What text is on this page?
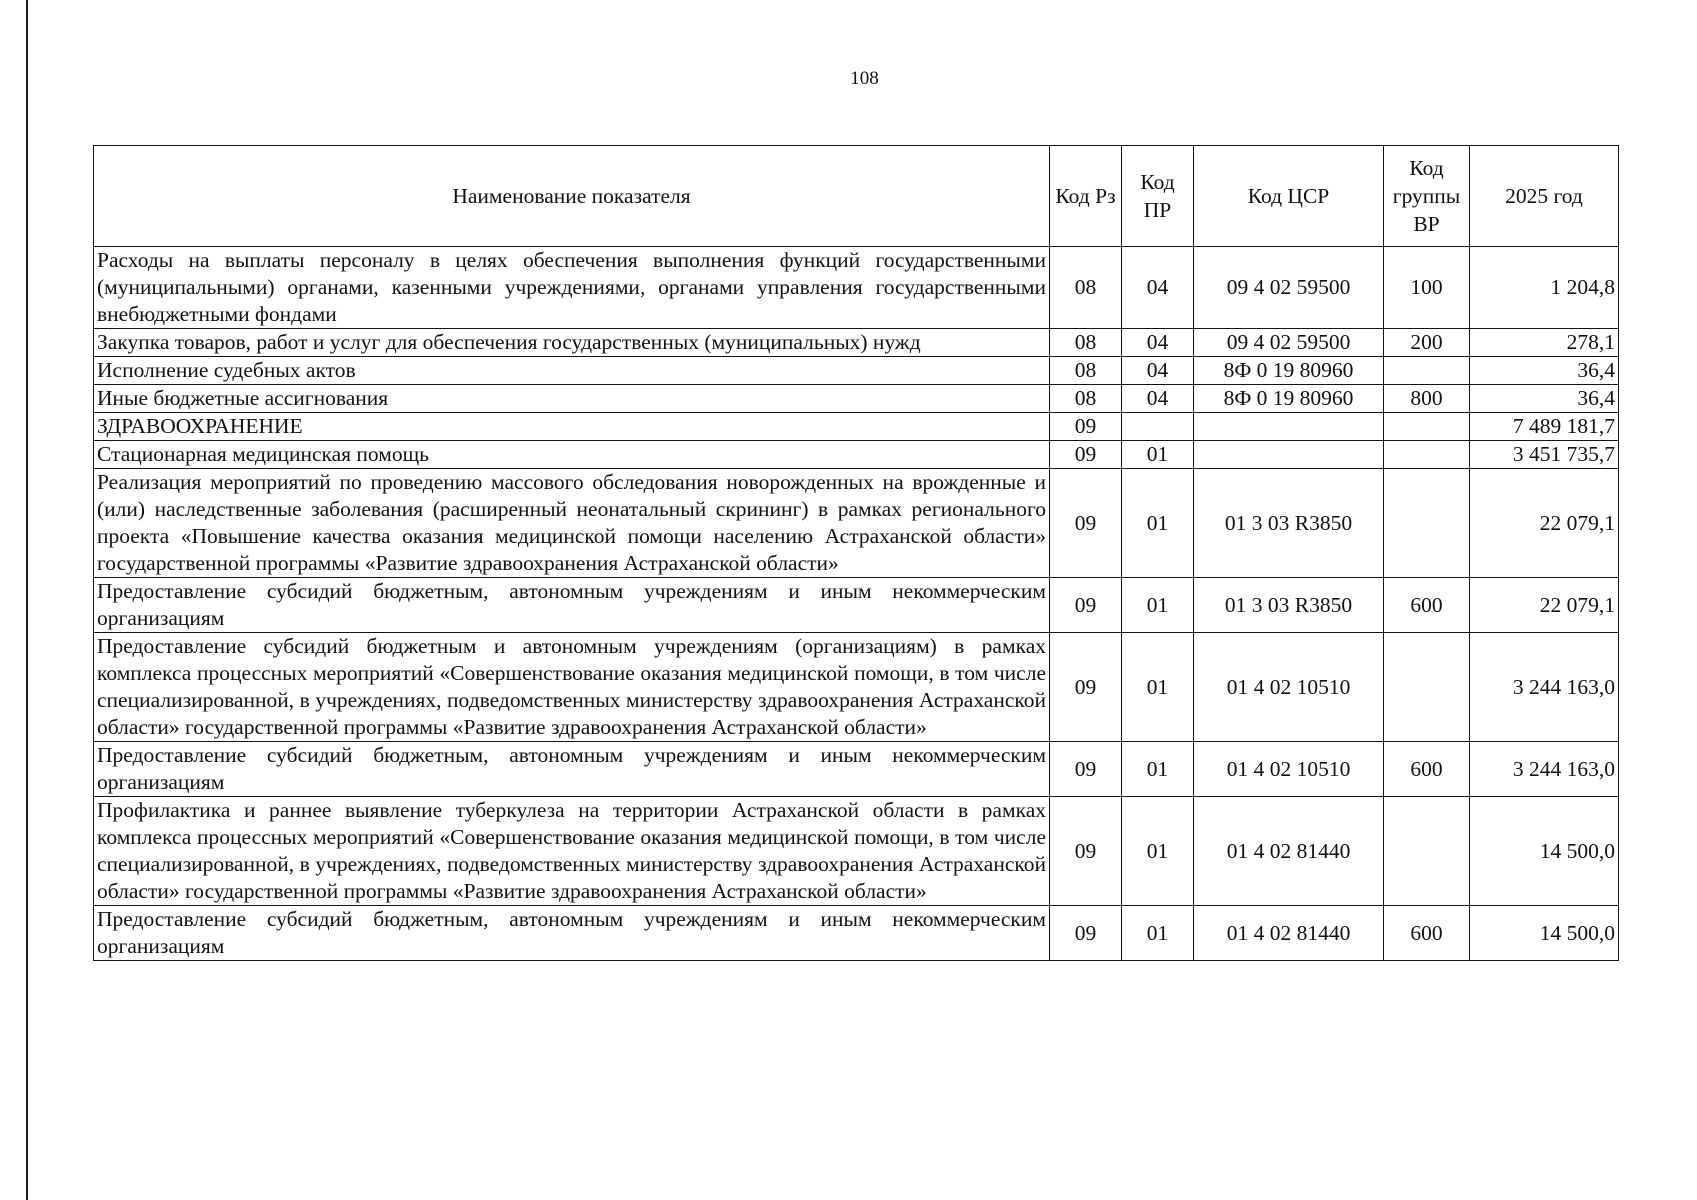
108
Наименование показателя	Код Рз	Код ПР	Код ЦСР	Код группы ВР	2025 год
Расходы на выплаты персоналу в целях обеспечения выполнения функций государственными (муниципальными) органами, казенными учреждениями, органами управления государственными внебюджетными фондами	08	04	09 4 02 59500	100	1 204,8
Закупка товаров, работ и услуг для обеспечения государственных (муниципальных) нужд	08	04	09 4 02 59500	200	278,1
Исполнение судебных актов	08	04	8Ф 0 19 80960		36,4
Иные бюджетные ассигнования	08	04	8Ф 0 19 80960	800	36,4
ЗДРАВООХРАНЕНИЕ	09				7 489 181,7
Стационарная медицинская помощь	09	01			3 451 735,7
Реализация мероприятий по проведению массового обследования новорожденных на врожденные и (или) наследственные заболевания (расширенный неонатальный скрининг) в рамках регионального проекта «Повышение качества оказания медицинской помощи населению Астраханской области» государственной программы «Развитие здравоохранения Астраханской области»	09	01	01 3 03 R3850		22 079,1
Предоставление субсидий бюджетным, автономным учреждениям и иным некоммерческим организациям	09	01	01 3 03 R3850	600	22 079,1
Предоставление субсидий бюджетным и автономным учреждениям (организациям) в рамках комплекса процессных мероприятий «Совершенствование оказания медицинской помощи, в том числе специализированной, в учреждениях, подведомственных министерству здравоохранения Астраханской области» государственной программы «Развитие здравоохранения Астраханской области»	09	01	01 4 02 10510		3 244 163,0
Предоставление субсидий бюджетным, автономным учреждениям и иным некоммерческим организациям	09	01	01 4 02 10510	600	3 244 163,0
Профилактика и раннее выявление туберкулеза на территории Астраханской области в рамках комплекса процессных мероприятий «Совершенствование оказания медицинской помощи, в том числе специализированной, в учреждениях, подведомственных министерству здравоохранения Астраханской области» государственной программы «Развитие здравоохранения Астраханской области»	09	01	01 4 02 81440		14 500,0
Предоставление субсидий бюджетным, автономным учреждениям и иным некоммерческим организациям	09	01	01 4 02 81440	600	14 500,0
